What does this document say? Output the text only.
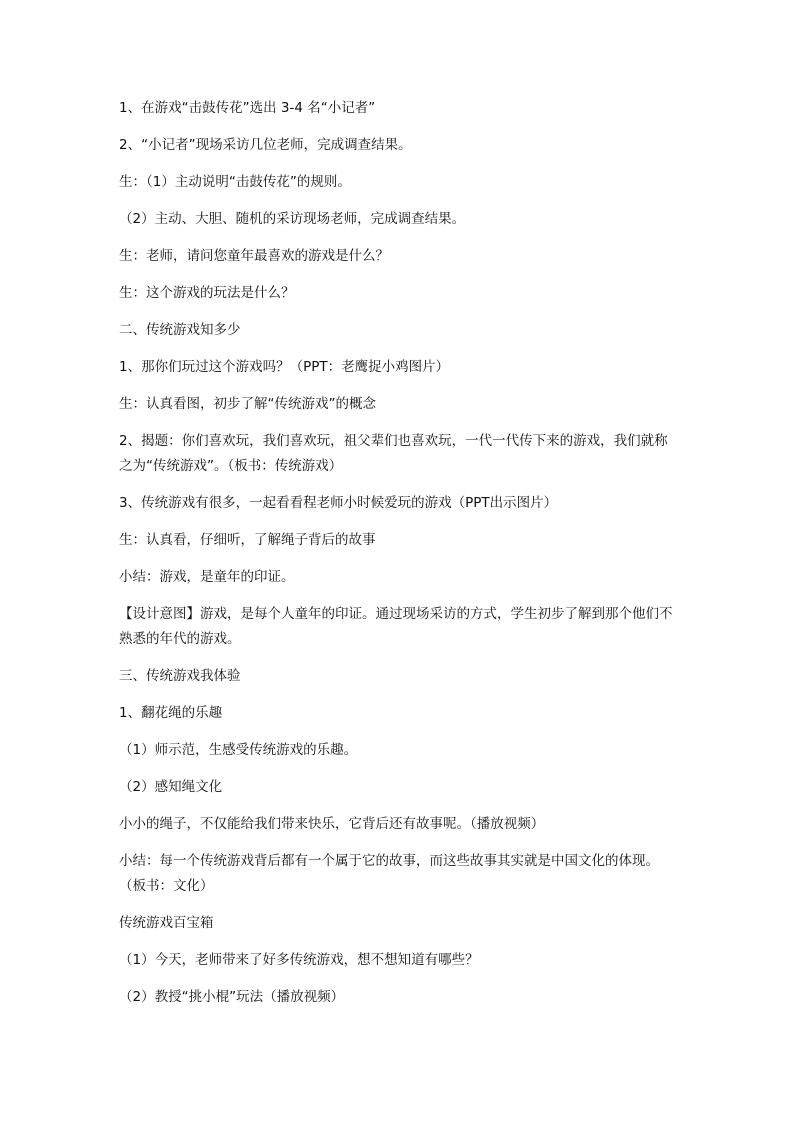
1、在游戏“击鼓传花”选出 3-4 名“小记者”

2、“小记者”现场采访几位老师，完成调查结果。

生：（1）主动说明“击鼓传花”的规则。

（2）主动、大胆、随机的采访现场老师，完成调查结果。

生：老师，请问您童年最喜欢的游戏是什么？

生：这个游戏的玩法是什么？

二、传统游戏知多少

1、那你们玩过这个游戏吗？（PPT：老鹰捉小鸡图片）

生：认真看图，初步了解“传统游戏”的概念

2、揭题：你们喜欢玩，我们喜欢玩，祖父辈们也喜欢玩，一代一代传下来的游戏，我们就称之为“传统游戏”。（板书：传统游戏）

3、传统游戏有很多，一起看看程老师小时候爱玩的游戏（PPT出示图片）

生：认真看，仔细听，了解绳子背后的故事

小结：游戏，是童年的印证。

【设计意图】游戏，是每个人童年的印证。通过现场采访的方式，学生初步了解到那个他们不熟悉的年代的游戏。

三、传统游戏我体验

1、翻花绳的乐趣

（1）师示范，生感受传统游戏的乐趣。

（2）感知绳文化

小小的绳子，不仅能给我们带来快乐，它背后还有故事呢。（播放视频）

小结：每一个传统游戏背后都有一个属于它的故事，而这些故事其实就是中国文化的体现。（板书：文化）

传统游戏百宝箱

（1）今天，老师带来了好多传统游戏，想不想知道有哪些？

（2）教授“挑小棍”玩法（播放视频）
